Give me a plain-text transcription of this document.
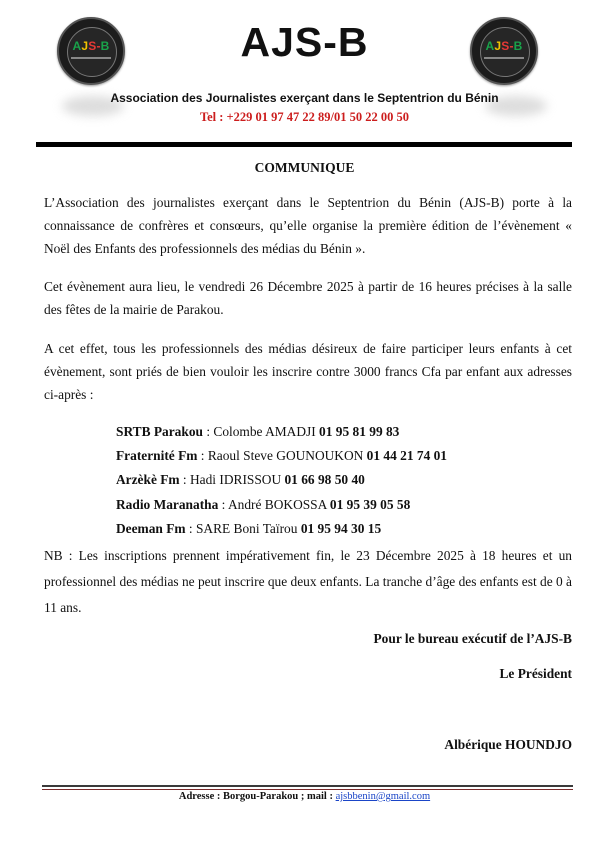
AJS-B	AJS-B
AJS-B
Association des Journalistes exerçant dans le Septentrion du Bénin
Tel : +229 01 97 47 22 89/01 50 22 00 50
COMMUNIQUE

L’Association des journalistes exerçant dans le Septentrion du Bénin (AJS-B) porte à la connaissance de confrères et consœurs, qu’elle organise la première édition de l’évènement « Noël des Enfants des professionnels des médias du Bénin ».

Cet évènement aura lieu, le vendredi 26 Décembre 2025 à partir de 16 heures précises à la salle des fêtes de la mairie de Parakou.

A cet effet, tous les professionnels des médias désireux de faire participer leurs enfants à cet évènement, sont priés de bien vouloir les inscrire contre 3000 francs Cfa par enfant aux adresses ci-après :

SRTB Parakou : Colombe AMADJI 01 95 81 99 83
Fraternité Fm : Raoul Steve GOUNOUKON 01 44 21 74 01
Arzèkè Fm : Hadi IDRISSOU 01 66 98 50 40
Radio Maranatha : André BOKOSSA 01 95 39 05 58
Deeman Fm : SARE Boni Taïrou 01 95 94 30 15

NB : Les inscriptions prennent impérativement fin, le 23 Décembre 2025 à 18 heures et un professionnel des médias ne peut inscrire que deux enfants. La tranche d’âge des enfants est de 0 à 11 ans.

Pour le bureau exécutif de l’AJS-B
Le Président
Albérique HOUNDJO
Adresse : Borgou-Parakou ; mail : ajsbbenin@gmail.com
